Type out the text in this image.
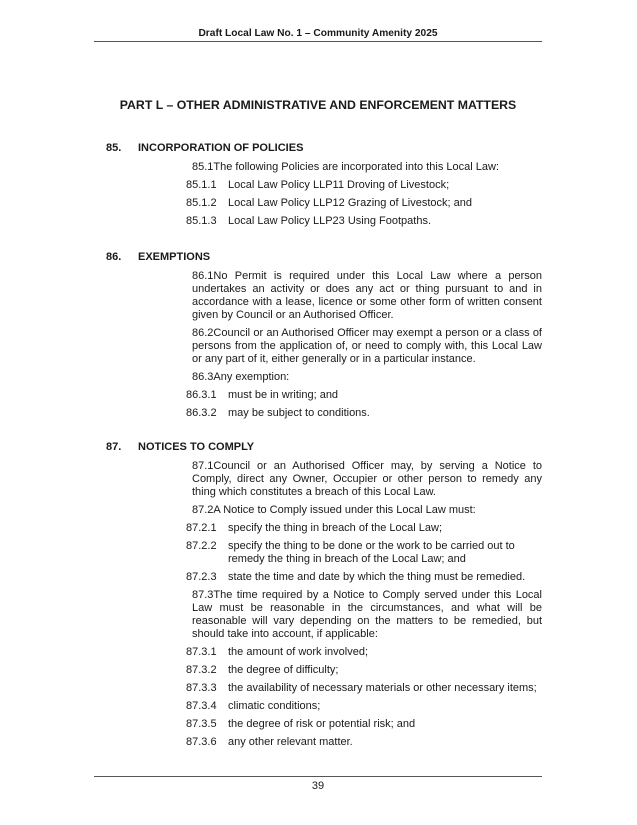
Draft Local Law No. 1 – Community Amenity 2025
PART L – OTHER ADMINISTRATIVE AND ENFORCEMENT MATTERS
85. INCORPORATION OF POLICIES
85.1The following Policies are incorporated into this Local Law:
85.1.1 Local Law Policy LLP11 Droving of Livestock;
85.1.2 Local Law Policy LLP12 Grazing of Livestock; and
85.1.3 Local Law Policy LLP23 Using Footpaths.
86. EXEMPTIONS
86.1No Permit is required under this Local Law where a person undertakes an activity or does any act or thing pursuant to and in accordance with a lease, licence or some other form of written consent given by Council or an Authorised Officer.
86.2Council or an Authorised Officer may exempt a person or a class of persons from the application of, or need to comply with, this Local Law or any part of it, either generally or in a particular instance.
86.3Any exemption:
86.3.1 must be in writing; and
86.3.2 may be subject to conditions.
87. NOTICES TO COMPLY
87.1Council or an Authorised Officer may, by serving a Notice to Comply, direct any Owner, Occupier or other person to remedy any thing which constitutes a breach of this Local Law.
87.2A Notice to Comply issued under this Local Law must:
87.2.1 specify the thing in breach of the Local Law;
87.2.2 specify the thing to be done or the work to be carried out to remedy the thing in breach of the Local Law; and
87.2.3 state the time and date by which the thing must be remedied.
87.3The time required by a Notice to Comply served under this Local Law must be reasonable in the circumstances, and what will be reasonable will vary depending on the matters to be remedied, but should take into account, if applicable:
87.3.1 the amount of work involved;
87.3.2 the degree of difficulty;
87.3.3 the availability of necessary materials or other necessary items;
87.3.4 climatic conditions;
87.3.5 the degree of risk or potential risk; and
87.3.6 any other relevant matter.
39
